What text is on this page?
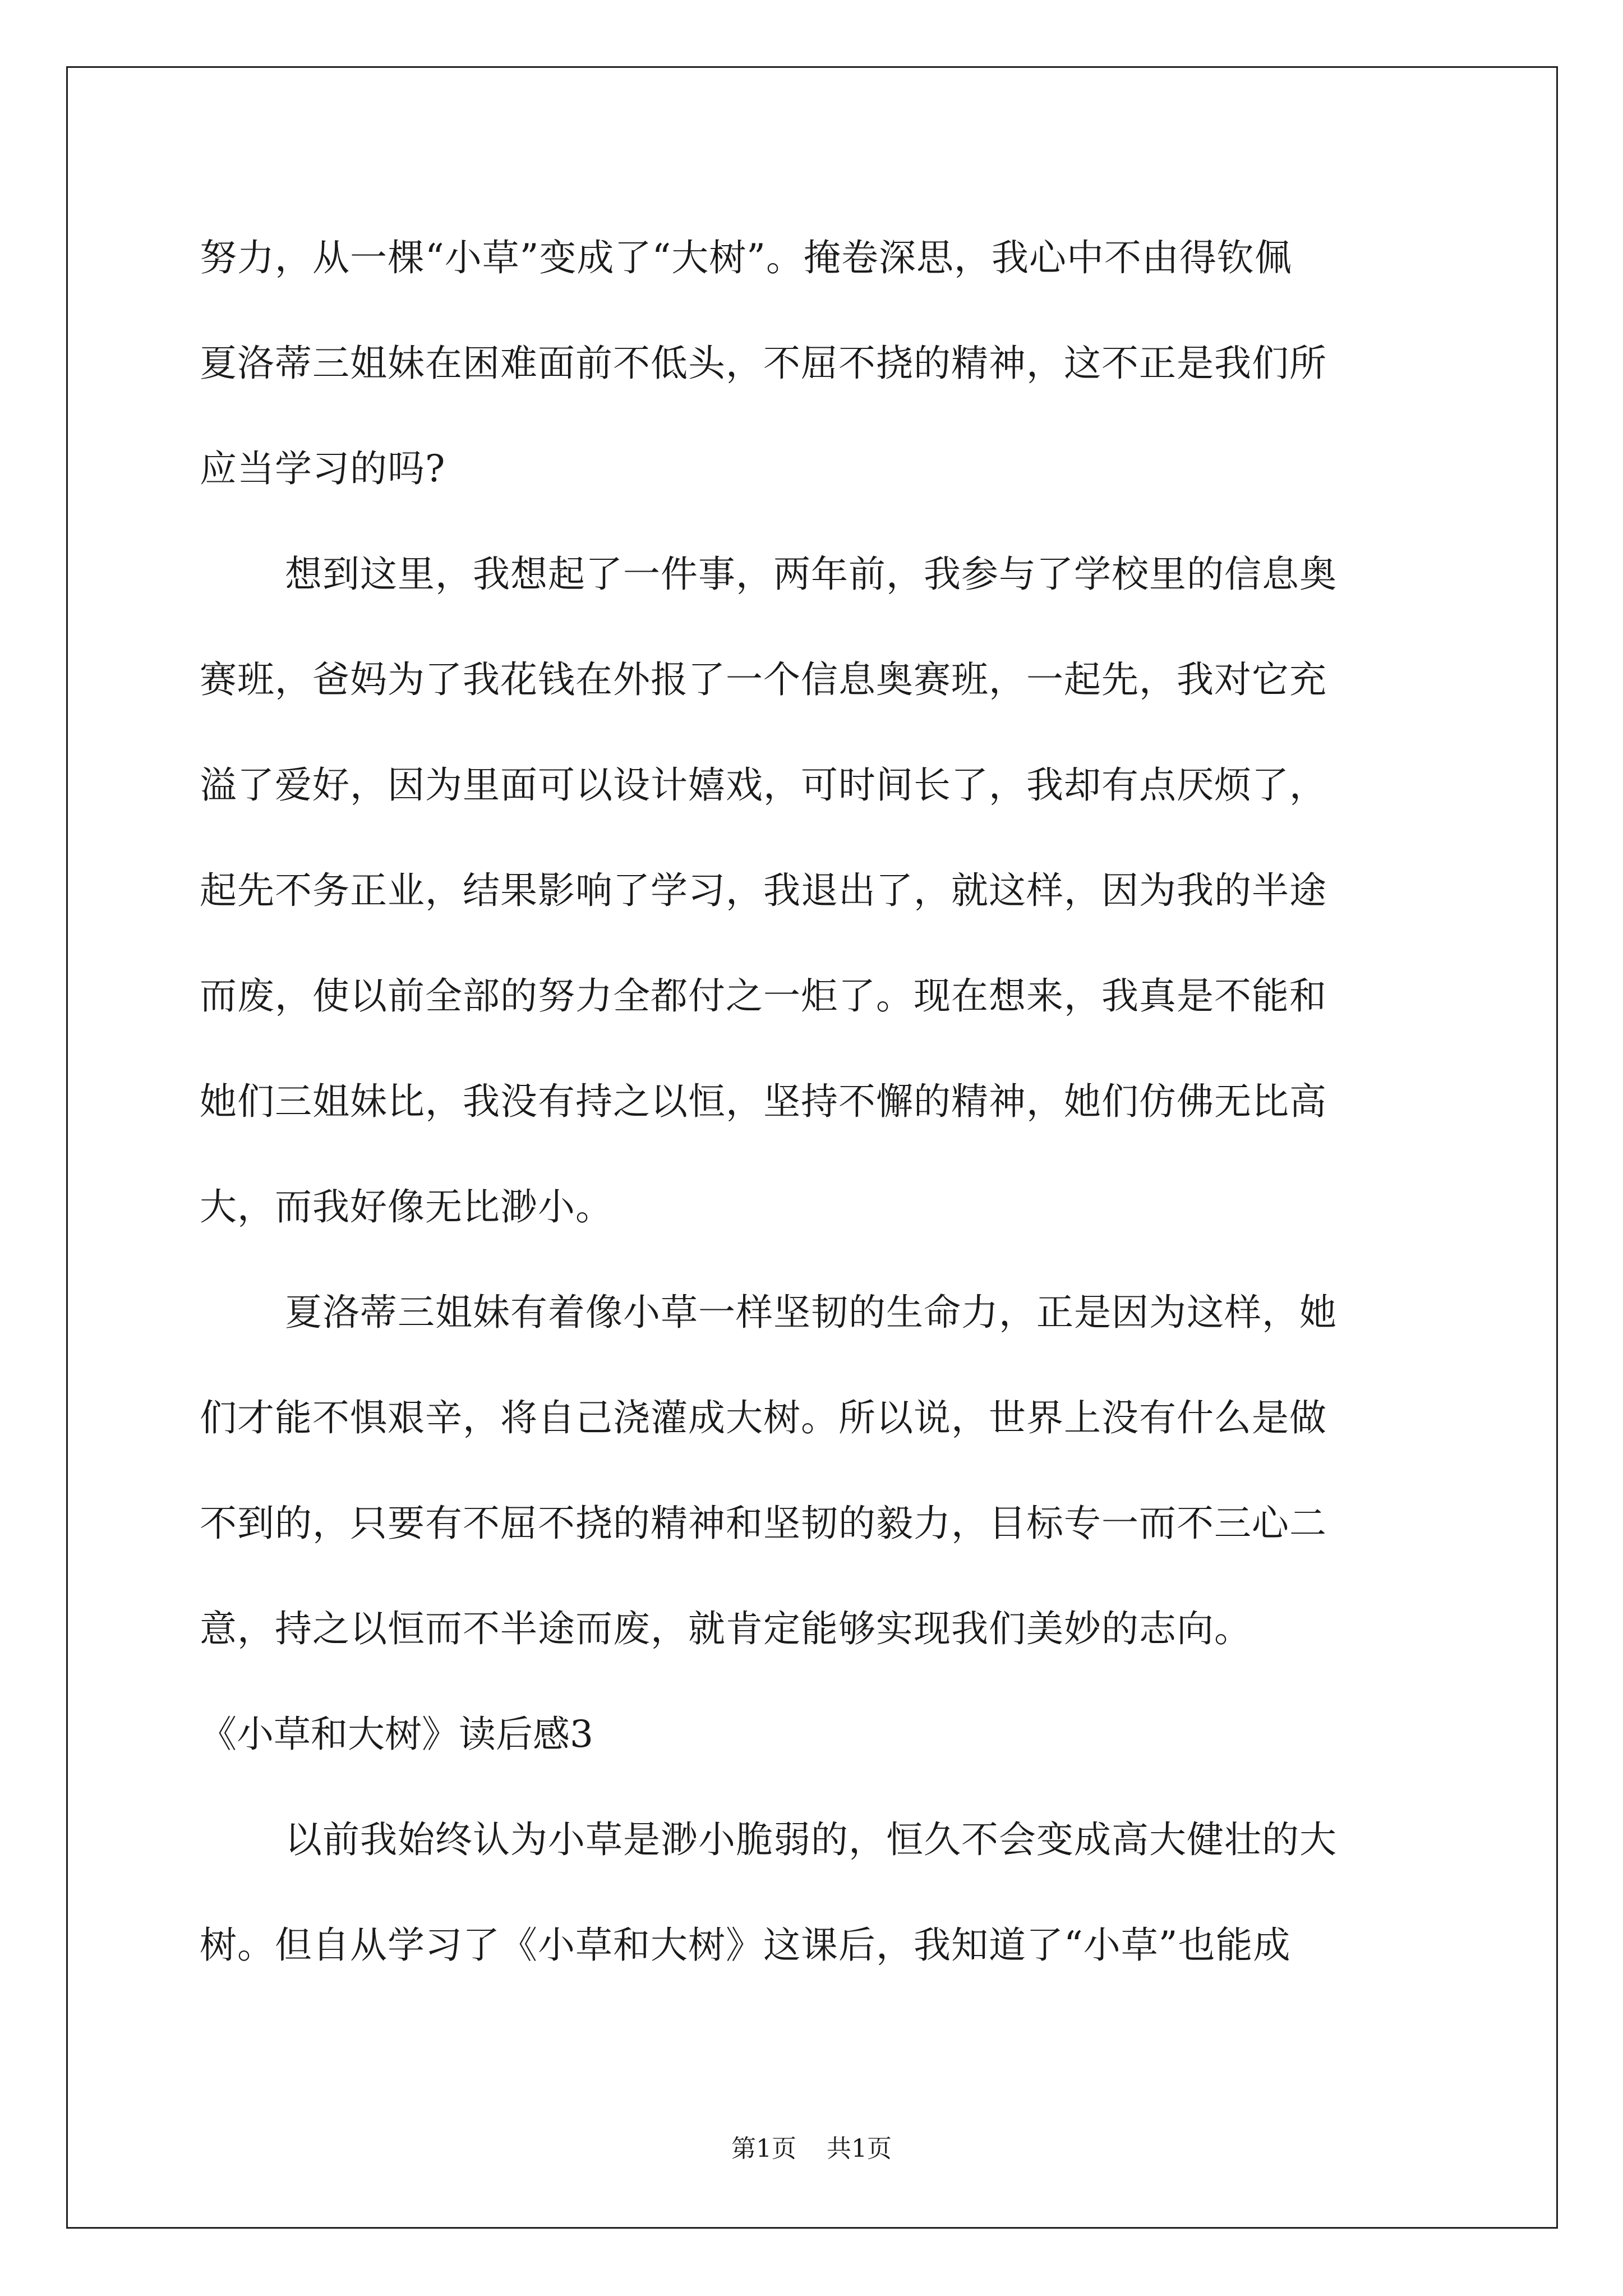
努力，从一棵“小草”变成了“大树”。掩卷深思，我心中不由得钦佩
夏洛蒂三姐妹在困难面前不低头，不屈不挠的精神，这不正是我们所
应当学习的吗?
想到这里，我想起了一件事，两年前，我参与了学校里的信息奥
赛班，爸妈为了我花钱在外报了一个信息奥赛班，一起先，我对它充
溢了爱好，因为里面可以设计嬉戏，可时间长了，我却有点厌烦了，
起先不务正业，结果影响了学习，我退出了，就这样，因为我的半途
而废，使以前全部的努力全都付之一炬了。现在想来，我真是不能和
她们三姐妹比，我没有持之以恒，坚持不懈的精神，她们仿佛无比高
大，而我好像无比渺小。
夏洛蒂三姐妹有着像小草一样坚韧的生命力，正是因为这样，她
们才能不惧艰辛，将自己浇灌成大树。所以说，世界上没有什么是做
不到的，只要有不屈不挠的精神和坚韧的毅力，目标专一而不三心二
意，持之以恒而不半途而废，就肯定能够实现我们美妙的志向。
《小草和大树》读后感3
以前我始终认为小草是渺小脆弱的，恒久不会变成高大健壮的大
树。但自从学习了《小草和大树》这课后，我知道了“小草”也能成
第1页 共1页
